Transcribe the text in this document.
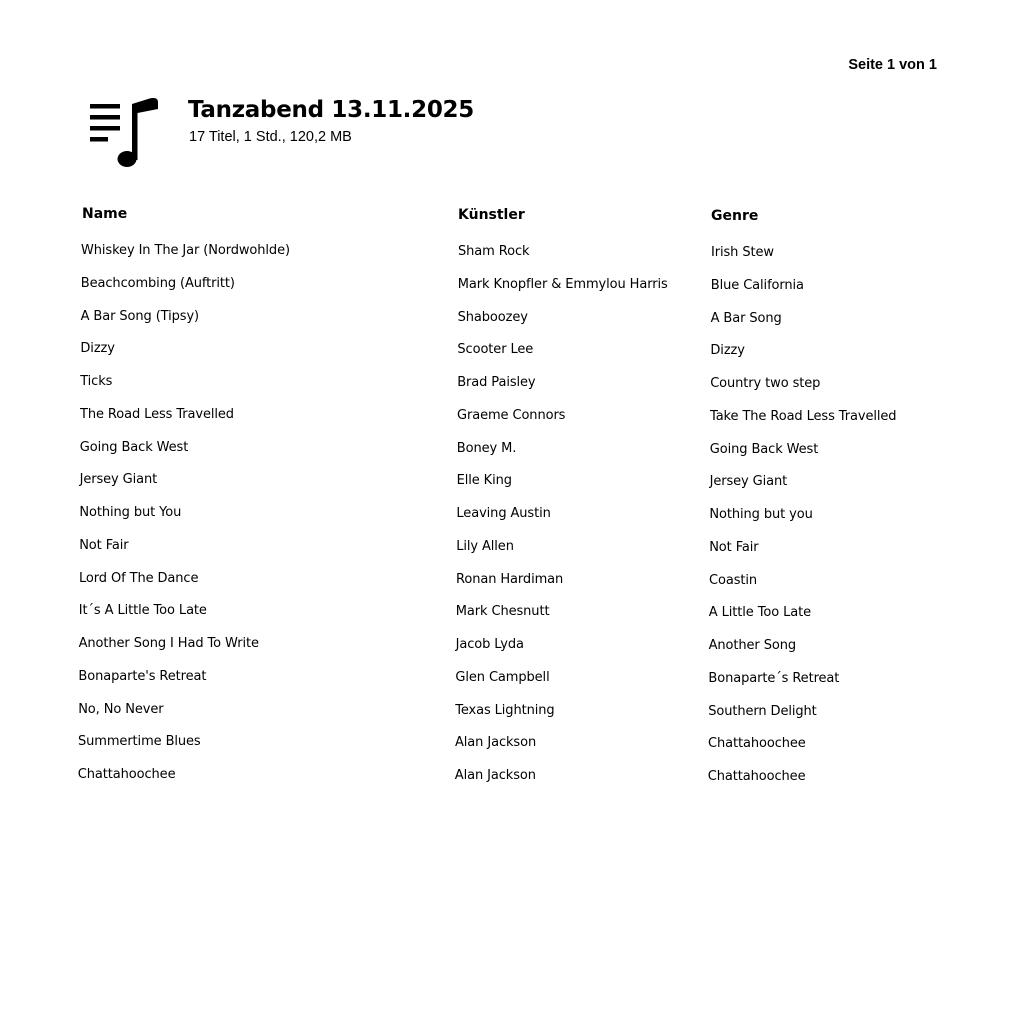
Seite 1 von 1
Tanzabend 13.11.2025
17 Titel, 1 Std., 120,2 MB
Name	Künstler	Genre
Whiskey In The Jar (Nordwohlde)	Sham Rock	Irish Stew
Beachcombing (Auftritt)	Mark Knopfler & Emmylou Harris	Blue California
A Bar Song (Tipsy)	Shaboozey	A Bar Song
Dizzy	Scooter Lee	Dizzy
Ticks	Brad Paisley	Country two step
The Road Less Travelled	Graeme Connors	Take The Road Less Travelled
Going Back West	Boney M.	Going Back West
Jersey Giant	Elle King	Jersey Giant
Nothing but You	Leaving Austin	Nothing but you
Not Fair	Lily Allen	Not Fair
Lord Of The Dance	Ronan Hardiman	Coastin
It´s A Little Too Late	Mark Chesnutt	A Little Too Late
Another Song I Had To Write	Jacob Lyda	Another Song
Bonaparte's Retreat	Glen Campbell	Bonaparte´s Retreat
No, No Never	Texas Lightning	Southern Delight
Summertime Blues	Alan Jackson	Chattahoochee
Chattahoochee	Alan Jackson	Chattahoochee
